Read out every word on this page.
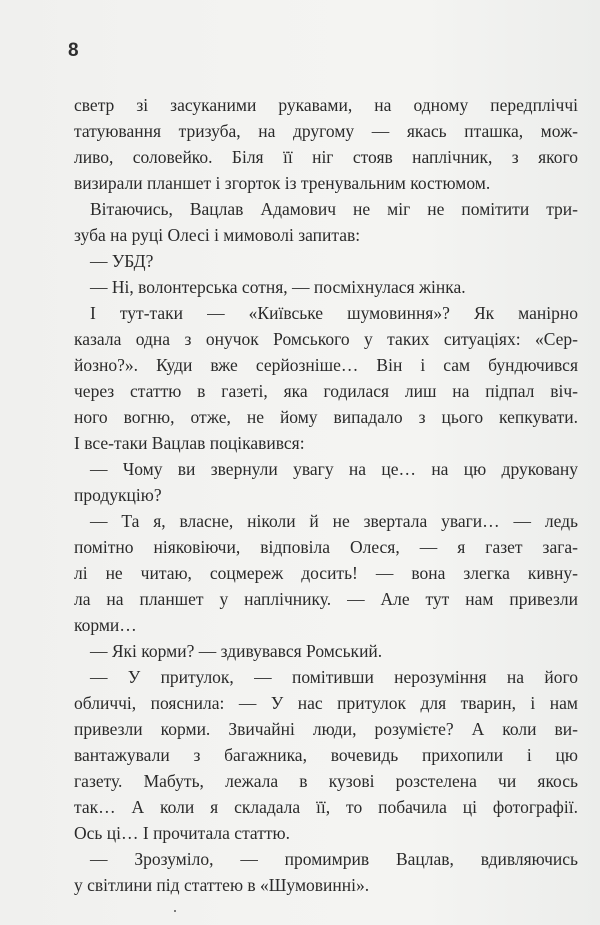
8
светр зі засуканими рукавами, на одному передпліччі
татуювання тризуба, на другому — якась пташка, мож-
ливо, соловейко. Біля її ніг стояв наплічник, з якого
визирали планшет і згорток із тренувальним костюмом.
Вітаючись, Вацлав Адамович не міг не помітити три-
зуба на руці Олесі і мимоволі запитав:
— УБД?
— Ні, волонтерська сотня, — посміхнулася жінка.
І тут-таки — «Київське шумовиння»? Як манірно
казала одна з онучок Ромського у таких ситуаціях: «Сер-
йозно?». Куди вже серйозніше… Він і сам бундючився
через статтю в газеті, яка годилася лиш на підпал віч-
ного вогню, отже, не йому випадало з цього кепкувати.
І все-таки Вацлав поцікавився:
— Чому ви звернули увагу на це… на цю друковану
продукцію?
— Та я, власне, ніколи й не звертала уваги… — ледь
помітно ніяковіючи, відповіла Олеся, — я газет зага-
лі не читаю, соцмереж досить! — вона злегка кивну-
ла на планшет у наплічнику. — Але тут нам привезли
корми…
— Які корми? — здивувався Ромський.
— У притулок, — помітивши нерозуміння на його
обличчі, пояснила: — У нас притулок для тварин, і нам
привезли корми. Звичайні люди, розумієте? А коли ви-
вантажували з багажника, вочевидь прихопили і цю
газету. Мабуть, лежала в кузові розстелена чи якось
так… А коли я складала її, то побачила ці фотографії.
Ось ці… І прочитала статтю.
— Зрозуміло, — промимрив Вацлав, вдивляючись
у світлини під статтею в «Шумовинні».
